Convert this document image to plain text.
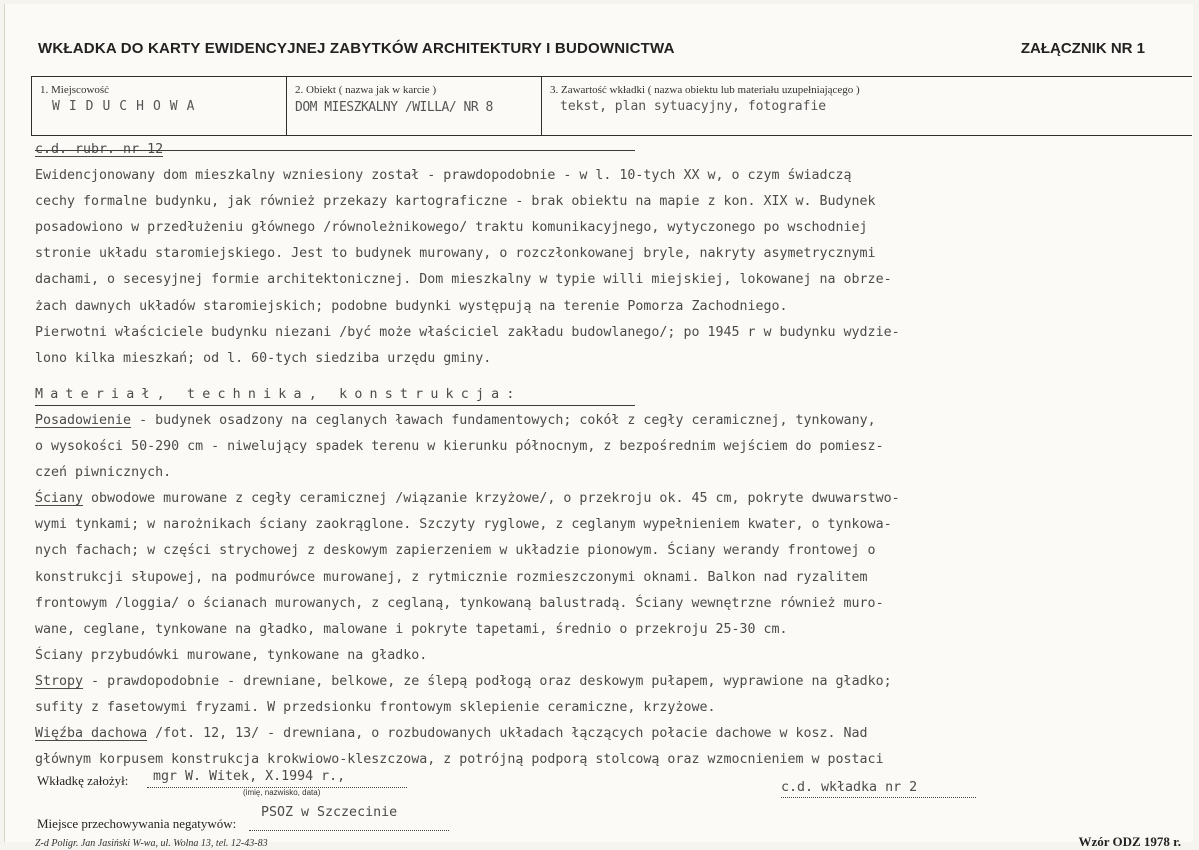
WKŁADKA DO KARTY EWIDENCYJNEJ ZABYTKÓW ARCHITEKTURY I BUDOWNICTWA	ZAŁĄCZNIK NR 1
1. Miejscowość
WIDUCHOWA
2. Obiekt ( nazwa jak w karcie )
DOM MIESZKALNY /WILLA/ NR 8
3. Zawartość wkładki ( nazwa obiektu lub materiału uzupełniającego )
tekst, plan sytuacyjny, fotografie
c.d. rubr. nr 12
Ewidencjonowany dom mieszkalny wzniesiony został - prawdopodobnie - w l. 10-tych XX w, o czym świadczą
cechy formalne budynku, jak również przekazy kartograficzne - brak obiektu na mapie z kon. XIX w. Budynek
posadowiono w przedłużeniu głównego /równoleżnikowego/ traktu komunikacyjnego, wytyczonego po wschodniej
stronie układu staromiejskiego. Jest to budynek murowany, o rozczłonkowanej bryle, nakryty asymetrycznymi
dachami, o secesyjnej formie architektonicznej. Dom mieszkalny w typie willi miejskiej, lokowanej na obrze-
żach dawnych układów staromiejskich; podobne budynki występują na terenie Pomorza Zachodniego.
Pierwotni właściciele budynku niezani /być może właściciel zakładu budowlanego/; po 1945 r w budynku wydzie-
lono kilka mieszkań; od l. 60-tych siedziba urzędu gminy.
Materiał, technika, konstrukcja:
Posadowienie - budynek osadzony na ceglanych ławach fundamentowych; cokół z cegły ceramicznej, tynkowany,
o wysokości 50-290 cm - niwelujący spadek terenu w kierunku północnym, z bezpośrednim wejściem do pomiesz-
czeń piwnicznych.
Ściany obwodowe murowane z cegły ceramicznej /wiązanie krzyżowe/, o przekroju ok. 45 cm, pokryte dwuwarstwo-
wymi tynkami; w narożnikach ściany zaokrąglone. Szczyty ryglowe, z ceglanym wypełnieniem kwater, o tynkowa-
nych fachach; w części strychowej z deskowym zapierzeniem w układzie pionowym. Ściany werandy frontowej o
konstrukcji słupowej, na podmurówce murowanej, z rytmicznie rozmieszczonymi oknami. Balkon nad ryzalitem
frontowym /loggia/ o ścianach murowanych, z ceglaną, tynkowaną balustradą. Ściany wewnętrzne również muro-
wane, ceglane, tynkowane na gładko, malowane i pokryte tapetami, średnio o przekroju 25-30 cm.
Ściany przybudówki murowane, tynkowane na gładko.
Stropy - prawdopodobnie - drewniane, belkowe, ze ślepą podłogą oraz deskowym pułapem, wyprawione na gładko;
sufity z fasetowymi fryzami. W przedsionku frontowym sklepienie ceramiczne, krzyżowe.
Więźba dachowa /fot. 12, 13/ - drewniana, o rozbudowanych układach łączących połacie dachowe w kosz. Nad
głównym korpusem konstrukcja krokwiowo-kleszczowa, z potrójną podporą stolcową oraz wzmocnieniem w postaci
Wkładkę założył: mgr W. Witek, X.1994 r.,
(imię, nazwisko, data)	c.d. wkładka nr 2
Miejsce przechowywania negatywów:
PSOZ w Szczecinie
Z-d Poligr. Jan Jasiński W-wa, ul. Wolna 13, tel. 12-43-83	Wzór ODZ 1978 r.
